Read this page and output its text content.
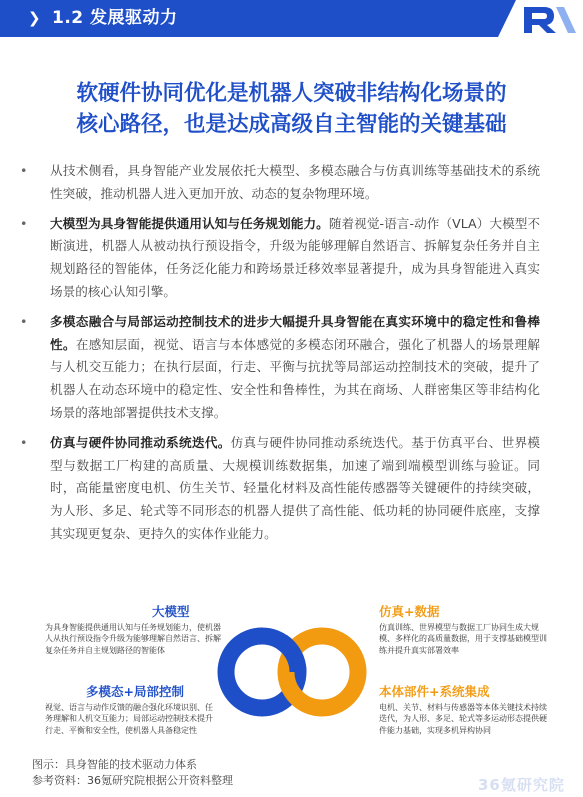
❯ 1.2 发展驱动力
软硬件协同优化是机器人突破非结构化场景的
核心路径，也是达成高级自主智能的关键基础
• 从技术侧看，具身智能产业发展依托大模型、多模态融合与仿真训练等基础技术的系统性突破，推动机器人进入更加开放、动态的复杂物理环境。
• 大模型为具身智能提供通用认知与任务规划能力。随着视觉-语言-动作（VLA）大模型不断演进，机器人从被动执行预设指令，升级为能够理解自然语言、拆解复杂任务并自主规划路径的智能体，任务泛化能力和跨场景迁移效率显著提升，成为具身智能进入真实场景的核心认知引擎。
• 多模态融合与局部运动控制技术的进步大幅提升具身智能在真实环境中的稳定性和鲁棒性。在感知层面，视觉、语言与本体感觉的多模态闭环融合，强化了机器人的场景理解与人机交互能力；在执行层面，行走、平衡与抗扰等局部运动控制技术的突破，提升了机器人在动态环境中的稳定性、安全性和鲁棒性，为其在商场、人群密集区等非结构化场景的落地部署提供技术支撑。
• 仿真与硬件协同推动系统迭代。仿真与硬件协同推动系统迭代。基于仿真平台、世界模型与数据工厂构建的高质量、大规模训练数据集，加速了端到端模型训练与验证。同时，高能量密度电机、仿生关节、轻量化材料及高性能传感器等关键硬件的持续突破，为人形、多足、轮式等不同形态的机器人提供了高性能、低功耗的协同硬件底座，支撑其实现更复杂、更持久的实体作业能力。
大模型
为具身智能提供通用认知与任务规划能力，使机器人从执行预设指令升级为能够理解自然语言、拆解复杂任务并自主规划路径的智能体
多模态+局部控制
视觉、语言与动作反馈的融合强化环境识别、任务理解和人机交互能力；局部运动控制技术提升行走、平衡和安全性，使机器人具备稳定性
仿真+数据
仿真训练、世界模型与数据工厂协同生成大规模、多样化的高质量数据，用于支撑基础模型训练并提升真实部署效率
本体部件+系统集成
电机、关节、材料与传感器等本体关键技术持续迭代，为人形、多足、轮式等多运动形态提供硬件能力基础，实现多机异构协同
图示：具身智能的技术驱动力体系
参考资料：36氪研究院根据公开资料整理	36氪研究院
